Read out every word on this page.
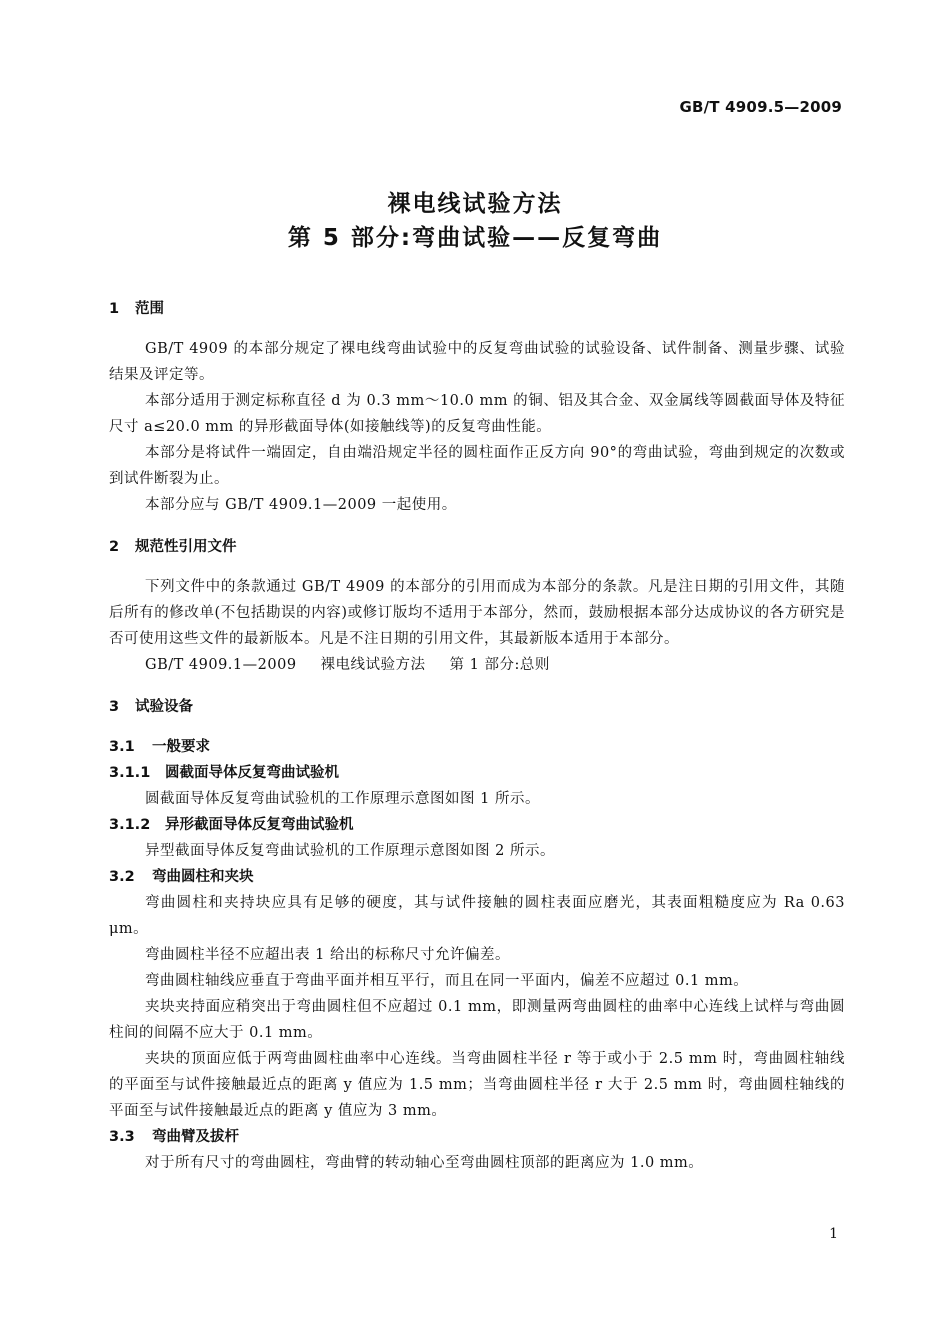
GB/T 4909.5—2009
裸电线试验方法
第 5 部分:弯曲试验——反复弯曲
1 范围

GB/T 4909 的本部分规定了裸电线弯曲试验中的反复弯曲试验的试验设备、试件制备、测量步骤、试验结果及评定等。

本部分适用于测定标称直径 d 为 0.3 mm～10.0 mm 的铜、铝及其合金、双金属线等圆截面导体及特征尺寸 a≤20.0 mm 的异形截面导体(如接触线等)的反复弯曲性能。

本部分是将试件一端固定，自由端沿规定半径的圆柱面作正反方向 90°的弯曲试验，弯曲到规定的次数或到试件断裂为止。

本部分应与 GB/T 4909.1—2009 一起使用。

2 规范性引用文件

下列文件中的条款通过 GB/T 4909 的本部分的引用而成为本部分的条款。凡是注日期的引用文件，其随后所有的修改单(不包括勘误的内容)或修订版均不适用于本部分，然而，鼓励根据本部分达成协议的各方研究是否可使用这些文件的最新版本。凡是不注日期的引用文件，其最新版本适用于本部分。

GB/T 4909.1—2009 裸电线试验方法 第 1 部分:总则

3 试验设备
3.1 一般要求
3.1.1 圆截面导体反复弯曲试验机

圆截面导体反复弯曲试验机的工作原理示意图如图 1 所示。

3.1.2 异形截面导体反复弯曲试验机

异型截面导体反复弯曲试验机的工作原理示意图如图 2 所示。

3.2 弯曲圆柱和夹块

弯曲圆柱和夹持块应具有足够的硬度，其与试件接触的圆柱表面应磨光，其表面粗糙度应为 Ra 0.63 μm。

弯曲圆柱半径不应超出表 1 给出的标称尺寸允许偏差。

弯曲圆柱轴线应垂直于弯曲平面并相互平行，而且在同一平面内，偏差不应超过 0.1 mm。

夹块夹持面应稍突出于弯曲圆柱但不应超过 0.1 mm，即测量两弯曲圆柱的曲率中心连线上试样与弯曲圆柱间的间隔不应大于 0.1 mm。

夹块的顶面应低于两弯曲圆柱曲率中心连线。当弯曲圆柱半径 r 等于或小于 2.5 mm 时，弯曲圆柱轴线的平面至与试件接触最近点的距离 y 值应为 1.5 mm；当弯曲圆柱半径 r 大于 2.5 mm 时，弯曲圆柱轴线的平面至与试件接触最近点的距离 y 值应为 3 mm。

3.3 弯曲臂及拔杆

对于所有尺寸的弯曲圆柱，弯曲臂的转动轴心至弯曲圆柱顶部的距离应为 1.0 mm。

1
